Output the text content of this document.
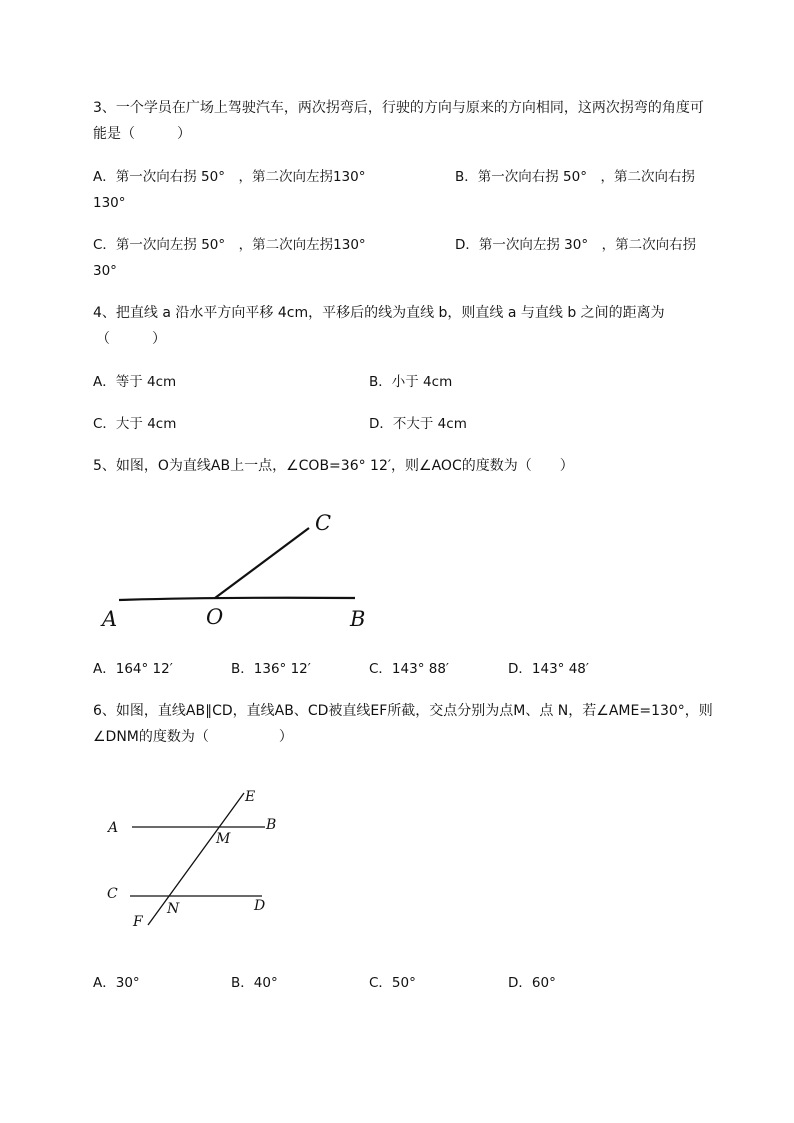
3、一个学员在广场上驾驶汽车，两次拐弯后，行驶的方向与原来的方向相同，这两次拐弯的角度可
能是（　　　）
A．第一次向右拐 50°　，第二次向左拐130°	B．第一次向右拐 50°　，第二次向右拐
130°
C．第一次向左拐 50°　，第二次向左拐130°	D．第一次向左拐 30°　，第二次向右拐
30°
4、把直线 a 沿水平方向平移 4cm，平移后的线为直线 b，则直线 a 与直线 b 之间的距离为
（　　　）
A．等于 4cm	B．小于 4cm
C．大于 4cm	D．不大于 4cm
5、如图，O为直线AB上一点，∠COB=36° 12′，则∠AOC的度数为（　　）
A	O	B
C
A．164° 12′	B．136° 12′	C．143° 88′	D．143° 48′
6、如图，直线AB∥CD，直线AB、CD被直线EF所截，交点分别为点M、点 N，若∠AME=130°，则
∠DNM的度数为（　　　　　）
A	B
C
D
E
F
M
N
A．30°	B．40°	C．50°	D．60°
